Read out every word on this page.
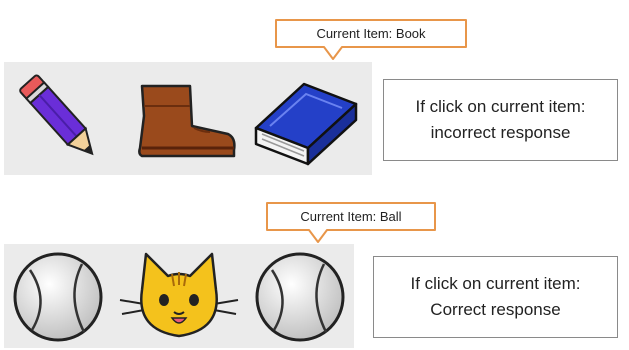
Current Item: Book
If click on current item:
incorrect response
Current Item: Ball
If click on current item:
Correct response
